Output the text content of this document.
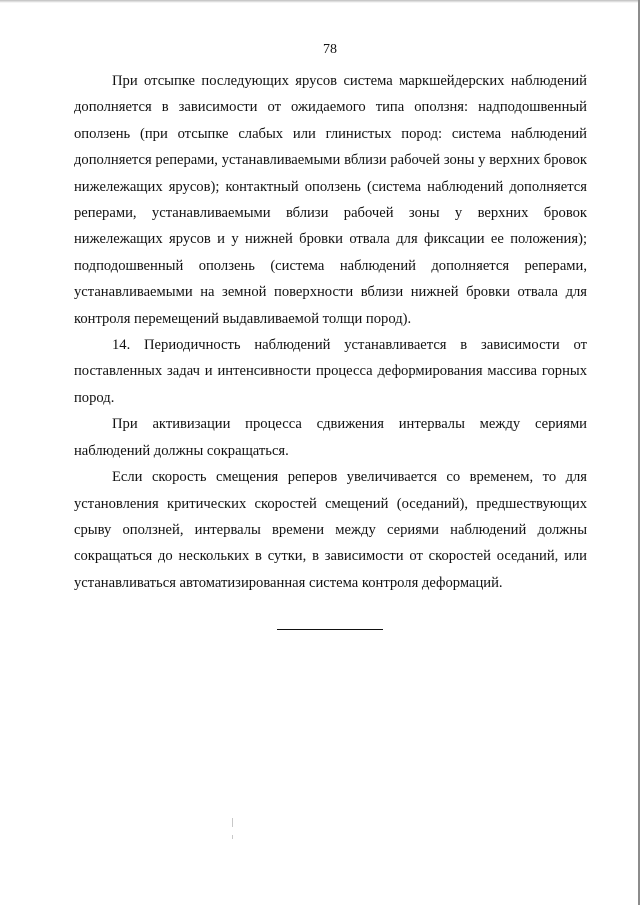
78

При отсыпке последующих ярусов система маркшейдерских наблюдений дополняется в зависимости от ожидаемого типа оползня: надподошвенный оползень (при отсыпке слабых или глинистых пород: система наблюдений дополняется реперами, устанавливаемыми вблизи рабочей зоны у верхних бровок нижележащих ярусов); контактный оползень (система наблюдений дополняется реперами, устанавливаемыми вблизи рабочей зоны у верхних бровок нижележащих ярусов и у нижней бровки отвала для фиксации ее положения); подподошвенный оползень (система наблюдений дополняется реперами, устанавливаемыми на земной поверхности вблизи нижней бровки отвала для контроля перемещений выдавливаемой толщи пород).

14. Периодичность наблюдений устанавливается в зависимости от поставленных задач и интенсивности процесса деформирования массива горных пород.

При активизации процесса сдвижения интервалы между сериями наблюдений должны сокращаться.

Если скорость смещения реперов увеличивается со временем, то для установления критических скоростей смещений (оседаний), предшествующих срыву оползней, интервалы времени между сериями наблюдений должны сокращаться до нескольких в сутки, в зависимости от скоростей оседаний, или устанавливаться автоматизированная система контроля деформаций.
